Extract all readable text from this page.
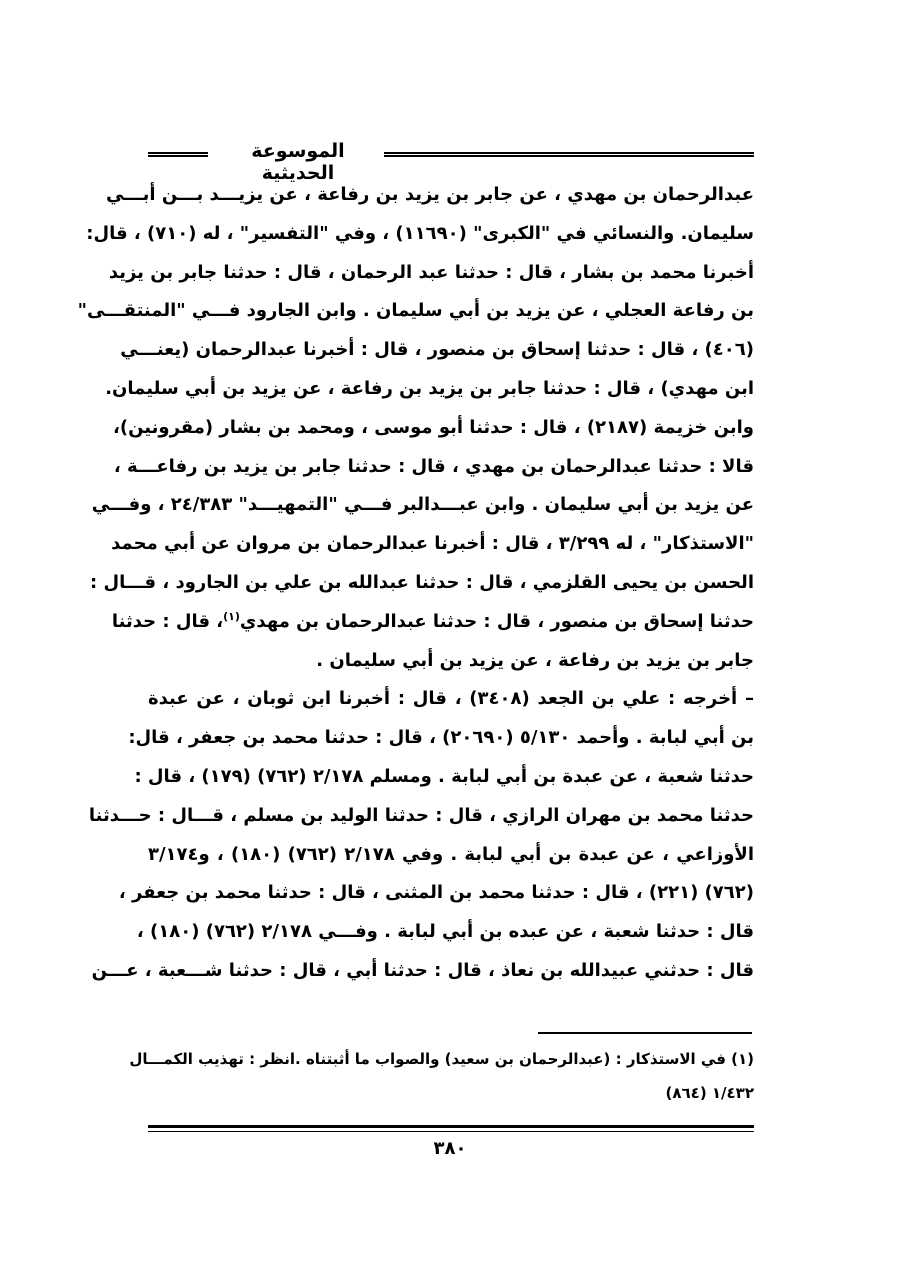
الموسوعة الحديثية
عبدالرحمان بن مهدي ، عن جابر بن يزيد بن رفاعة ، عن يزيـــد بـــن أبـــي
سليمان. والنسائي في "الكبرى" (١١٦٩٠) ، وفي "التفسير" ، له (٧١٠) ، قال:
أخبرنا محمد بن بشار ، قال : حدثنا عبد الرحمان ، قال : حدثنا جابر بن يزيد
بن رفاعة العجلي ، عن يزيد بن أبي سليمان . وابن الجارود فـــي "المنتقـــى"
(٤٠٦) ، قال : حدثنا إسحاق بن منصور ، قال : أخبرنا عبدالرحمان (يعنـــي
ابن مهدي) ، قال : حدثنا جابر بن يزيد بن رفاعة ، عن يزيد بن أبي سليمان.
وابن خزيمة (٢١٨٧) ، قال : حدثنا أبو موسى ، ومحمد بن بشار (مقرونين)،
قالا : حدثنا عبدالرحمان بن مهدي ، قال : حدثنا جابر بن يزيد بن رفاعـــة ،
عن يزيد بن أبي سليمان . وابن عبـــدالبر فـــي "التمهيـــد" ٢٤/٣٨٣ ، وفـــي
"الاستذكار" ، له ٣/٢٩٩ ، قال : أخبرنا عبدالرحمان بن مروان عن أبي محمد
الحسن بن يحيى القلزمي ، قال : حدثنا عبدالله بن علي بن الجارود ، قـــال :
حدثنا إسحاق بن منصور ، قال : حدثنا عبدالرحمان بن مهدي$^{(١)}$، قال : حدثنا
جابر بن يزيد بن رفاعة ، عن يزيد بن أبي سليمان .
– أخرجه : علي بن الجعد (٣٤٠٨) ، قال : أخبرنا ابن ثوبان ، عن عبدة
بن أبي لبابة . وأحمد ٥/١٣٠ (٢٠٦٩٠) ، قال : حدثنا محمد بن جعفر ، قال:
حدثنا شعبة ، عن عبدة بن أبي لبابة . ومسلم ٢/١٧٨ (٧٦٢) (١٧٩) ، قال :
حدثنا محمد بن مهران الرازي ، قال : حدثنا الوليد بن مسلم ، قـــال : حـــدثنا
الأوزاعي ، عن عبدة بن أبي لبابة . وفي ٢/١٧٨ (٧٦٢) (١٨٠) ، و٣/١٧٤
(٧٦٢) (٢٢١) ، قال : حدثنا محمد بن المثنى ، قال : حدثنا محمد بن جعفر ،
قال : حدثنا شعبة ، عن عبده بن أبي لبابة . وفـــي ٢/١٧٨ (٧٦٢) (١٨٠) ،
قال : حدثني عبيدالله بن نعاذ ، قال : حدثنا أبي ، قال : حدثنا شـــعبة ، عـــن
(١) في الاستذكار : (عبدالرحمان بن سعيد) والصواب ما أثبتناه .انظر : تهذيب الكمـــال
١/٤٣٢ (٨٦٤)
٣٨٠
